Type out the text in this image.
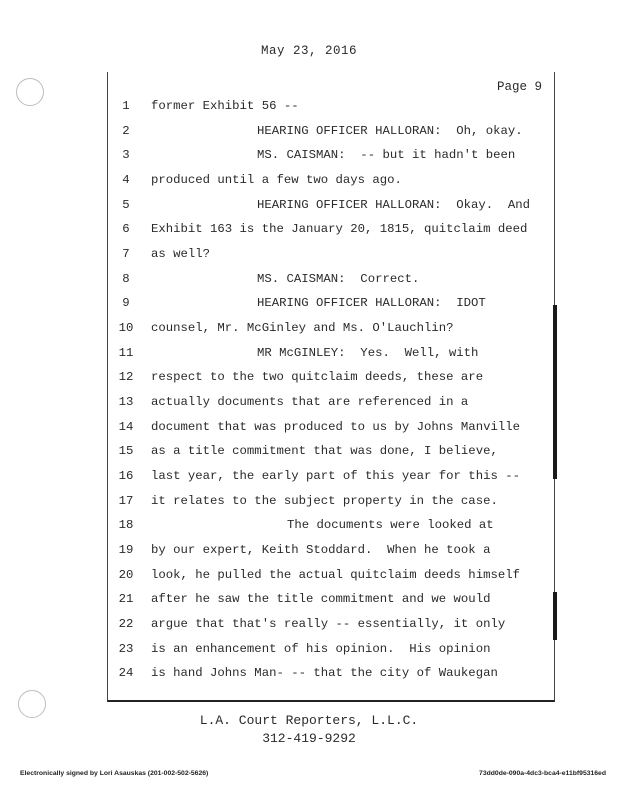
May 23, 2016
Page 9
1	former Exhibit 56 --
2	HEARING OFFICER HALLORAN:  Oh, okay.
3	MS. CAISMAN:  -- but it hadn't been
4	produced until a few two days ago.
5	HEARING OFFICER HALLORAN:  Okay.  And
6	Exhibit 163 is the January 20, 1815, quitclaim deed
7	as well?
8	MS. CAISMAN:  Correct.
9	HEARING OFFICER HALLORAN:  IDOT
10 counsel, Mr. McGinley and Ms. O'Lauchlin?
11	MR McGINLEY:  Yes.  Well, with
12 respect to the two quitclaim deeds, these are
13 actually documents that are referenced in a
14 document that was produced to us by Johns Manville
15 as a title commitment that was done, I believe,
16 last year, the early part of this year for this --
17 it relates to the subject property in the case.
18	The documents were looked at
19 by our expert, Keith Stoddard.  When he took a
20 look, he pulled the actual quitclaim deeds himself
21 after he saw the title commitment and we would
22 argue that that's really -- essentially, it only
23 is an enhancement of his opinion.  His opinion
24 is hand Johns Man- -- that the city of Waukegan
L.A. Court Reporters, L.L.C.
312-419-9292
Electronically signed by Lori Asauskas (201-002-502-5626)	73dd0de-090a-4dc3-bca4-e11bf95316ed
